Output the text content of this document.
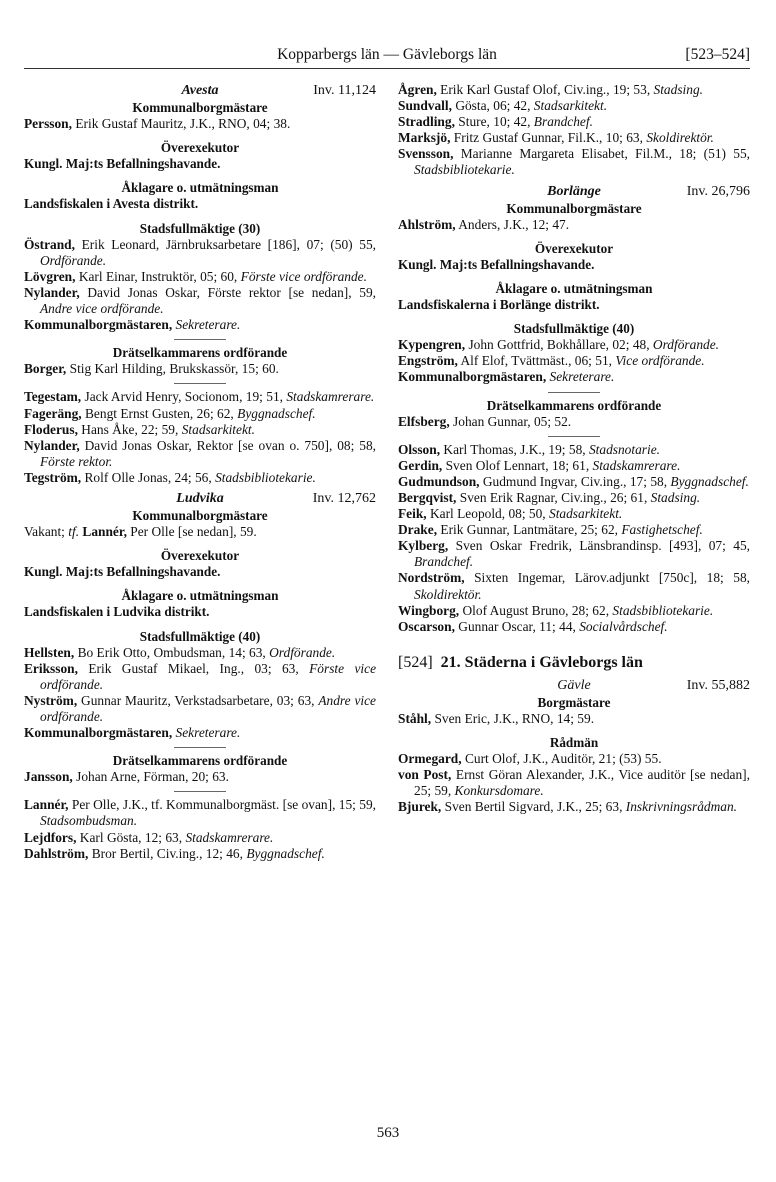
Kopparbergs län — Gävleborgs län	[523–524]
Avesta	Inv. 11,124
Kommunalborgmästare
Persson, Erik Gustaf Mauritz, J.K., RNO, 04; 38.
Överexekutor
Kungl. Maj:ts Befallningshavande.
Åklagare o. utmätningsman
Landsfiskalen i Avesta distrikt.
Stadsfullmäktige (30)
Östrand, Erik Leonard, Järnbruksarbetare [186], 07; (50) 55, Ordförande.
Lövgren, Karl Einar, Instruktör, 05; 60, Förste vice ordförande.
Nylander, David Jonas Oskar, Förste rektor [se nedan], 59, Andre vice ordförande.
Kommunalborgmästaren, Sekreterare.
Drätselkammarens ordförande
Borger, Stig Karl Hilding, Brukskassör, 15; 60.
Tegestam, Jack Arvid Henry, Socionom, 19; 51, Stadskamrerare.
Fageräng, Bengt Ernst Gusten, 26; 62, Byggnadschef.
Floderus, Hans Åke, 22; 59, Stadsarkitekt.
Nylander, David Jonas Oskar, Rektor [se ovan o. 750], 08; 58, Förste rektor.
Tegström, Rolf Olle Jonas, 24; 56, Stadsbibliotekarie.
Ludvika	Inv. 12,762
Kommunalborgmästare
Vakant; tf. Lannér, Per Olle [se nedan], 59.
Överexekutor
Kungl. Maj:ts Befallningshavande.
Åklagare o. utmätningsman
Landsfiskalen i Ludvika distrikt.
Stadsfullmäktige (40)
Hellsten, Bo Erik Otto, Ombudsman, 14; 63, Ordförande.
Eriksson, Erik Gustaf Mikael, Ing., 03; 63, Förste vice ordförande.
Nyström, Gunnar Mauritz, Verkstadsarbetare, 03; 63, Andre vice ordförande.
Kommunalborgmästaren, Sekreterare.
Drätselkammarens ordförande
Jansson, Johan Arne, Förman, 20; 63.
Lannér, Per Olle, J.K., tf. Kommunalborgmäst. [se ovan], 15; 59, Stadsombudsman.
Lejdfors, Karl Gösta, 12; 63, Stadskamrerare.
Dahlström, Bror Bertil, Civ.ing., 12; 46, Byggnadschef.
Ågren, Erik Karl Gustaf Olof, Civ.ing., 19; 53, Stadsing.
Sundvall, Gösta, 06; 42, Stadsarkitekt.
Stradling, Sture, 10; 42, Brandchef.
Marksjö, Fritz Gustaf Gunnar, Fil.K., 10; 63, Skoldirektör.
Svensson, Marianne Margareta Elisabet, Fil.M., 18; (51) 55, Stadsbibliotekarie.
Borlänge	Inv. 26,796
Kommunalborgmästare
Ahlström, Anders, J.K., 12; 47.
Överexekutor
Kungl. Maj:ts Befallningshavande.
Åklagare o. utmätningsman
Landsfiskalerna i Borlänge distrikt.
Stadsfullmäktige (40)
Kypengren, John Gottfrid, Bokhållare, 02; 48, Ordförande.
Engström, Alf Elof, Tvättmäst., 06; 51, Vice ordförande.
Kommunalborgmästaren, Sekreterare.
Drätselkammarens ordförande
Elfsberg, Johan Gunnar, 05; 52.
Olsson, Karl Thomas, J.K., 19; 58, Stadsnotarie.
Gerdin, Sven Olof Lennart, 18; 61, Stadskamrerare.
Gudmundson, Gudmund Ingvar, Civ.ing., 17; 58, Byggnadschef.
Bergqvist, Sven Erik Ragnar, Civ.ing., 26; 61, Stadsing.
Feik, Karl Leopold, 08; 50, Stadsarkitekt.
Drake, Erik Gunnar, Lantmätare, 25; 62, Fastighetschef.
Kylberg, Sven Oskar Fredrik, Länsbrandinsp. [493], 07; 45, Brandchef.
Nordström, Sixten Ingemar, Lärov.adjunkt [750c], 18; 58, Skoldirektör.
Wingborg, Olof August Bruno, 28; 62, Stadsbibliotekarie.
Oscarson, Gunnar Oscar, 11; 44, Socialvårdschef.
[524] 21. Städerna i Gävleborgs län
Gävle	Inv. 55,882
Borgmästare
Ståhl, Sven Eric, J.K., RNO, 14; 59.
Rådmän
Ormegard, Curt Olof, J.K., Auditör, 21; (53) 55.
von Post, Ernst Göran Alexander, J.K., Vice auditör [se nedan], 25; 59, Konkursdomare.
Bjurek, Sven Bertil Sigvard, J.K., 25; 63, Inskrivningsrådman.
563
